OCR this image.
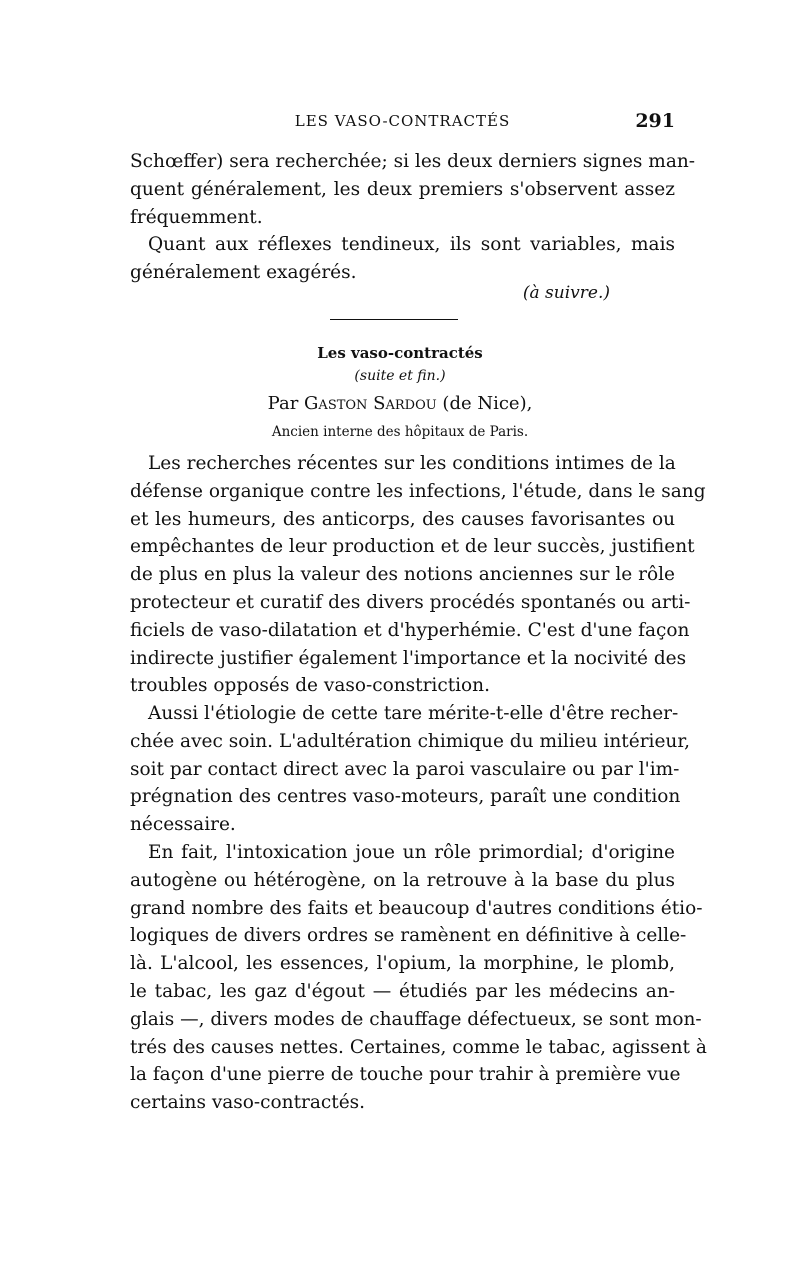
LES VASO-CONTRACTÉS	291
Schœffer) sera recherchée; si les deux derniers signes man-
quent généralement, les deux premiers s'observent assez
fréquemment.
Quant aux réflexes tendineux, ils sont variables, mais
généralement exagérés.
(à suivre.)
Les vaso-contractés
(suite et fin.)
Par Gaston Sardou (de Nice),
Ancien interne des hôpitaux de Paris.
Les recherches récentes sur les conditions intimes de la
défense organique contre les infections, l'étude, dans le sang
et les humeurs, des anticorps, des causes favorisantes ou
empêchantes de leur production et de leur succès, justifient
de plus en plus la valeur des notions anciennes sur le rôle
protecteur et curatif des divers procédés spontanés ou arti-
ficiels de vaso-dilatation et d'hyperhémie. C'est d'une façon
indirecte justifier également l'importance et la nocivité des
troubles opposés de vaso-constriction.
Aussi l'étiologie de cette tare mérite-t-elle d'être recher-
chée avec soin. L'adultération chimique du milieu intérieur,
soit par contact direct avec la paroi vasculaire ou par l'im-
prégnation des centres vaso-moteurs, paraît une condition
nécessaire.
En fait, l'intoxication joue un rôle primordial; d'origine
autogène ou hétérogène, on la retrouve à la base du plus
grand nombre des faits et beaucoup d'autres conditions étio-
logiques de divers ordres se ramènent en définitive à celle-
là. L'alcool, les essences, l'opium, la morphine, le plomb,
le tabac, les gaz d'égout — étudiés par les médecins an-
glais —, divers modes de chauffage défectueux, se sont mon-
trés des causes nettes. Certaines, comme le tabac, agissent à
la façon d'une pierre de touche pour trahir à première vue
certains vaso-contractés.
